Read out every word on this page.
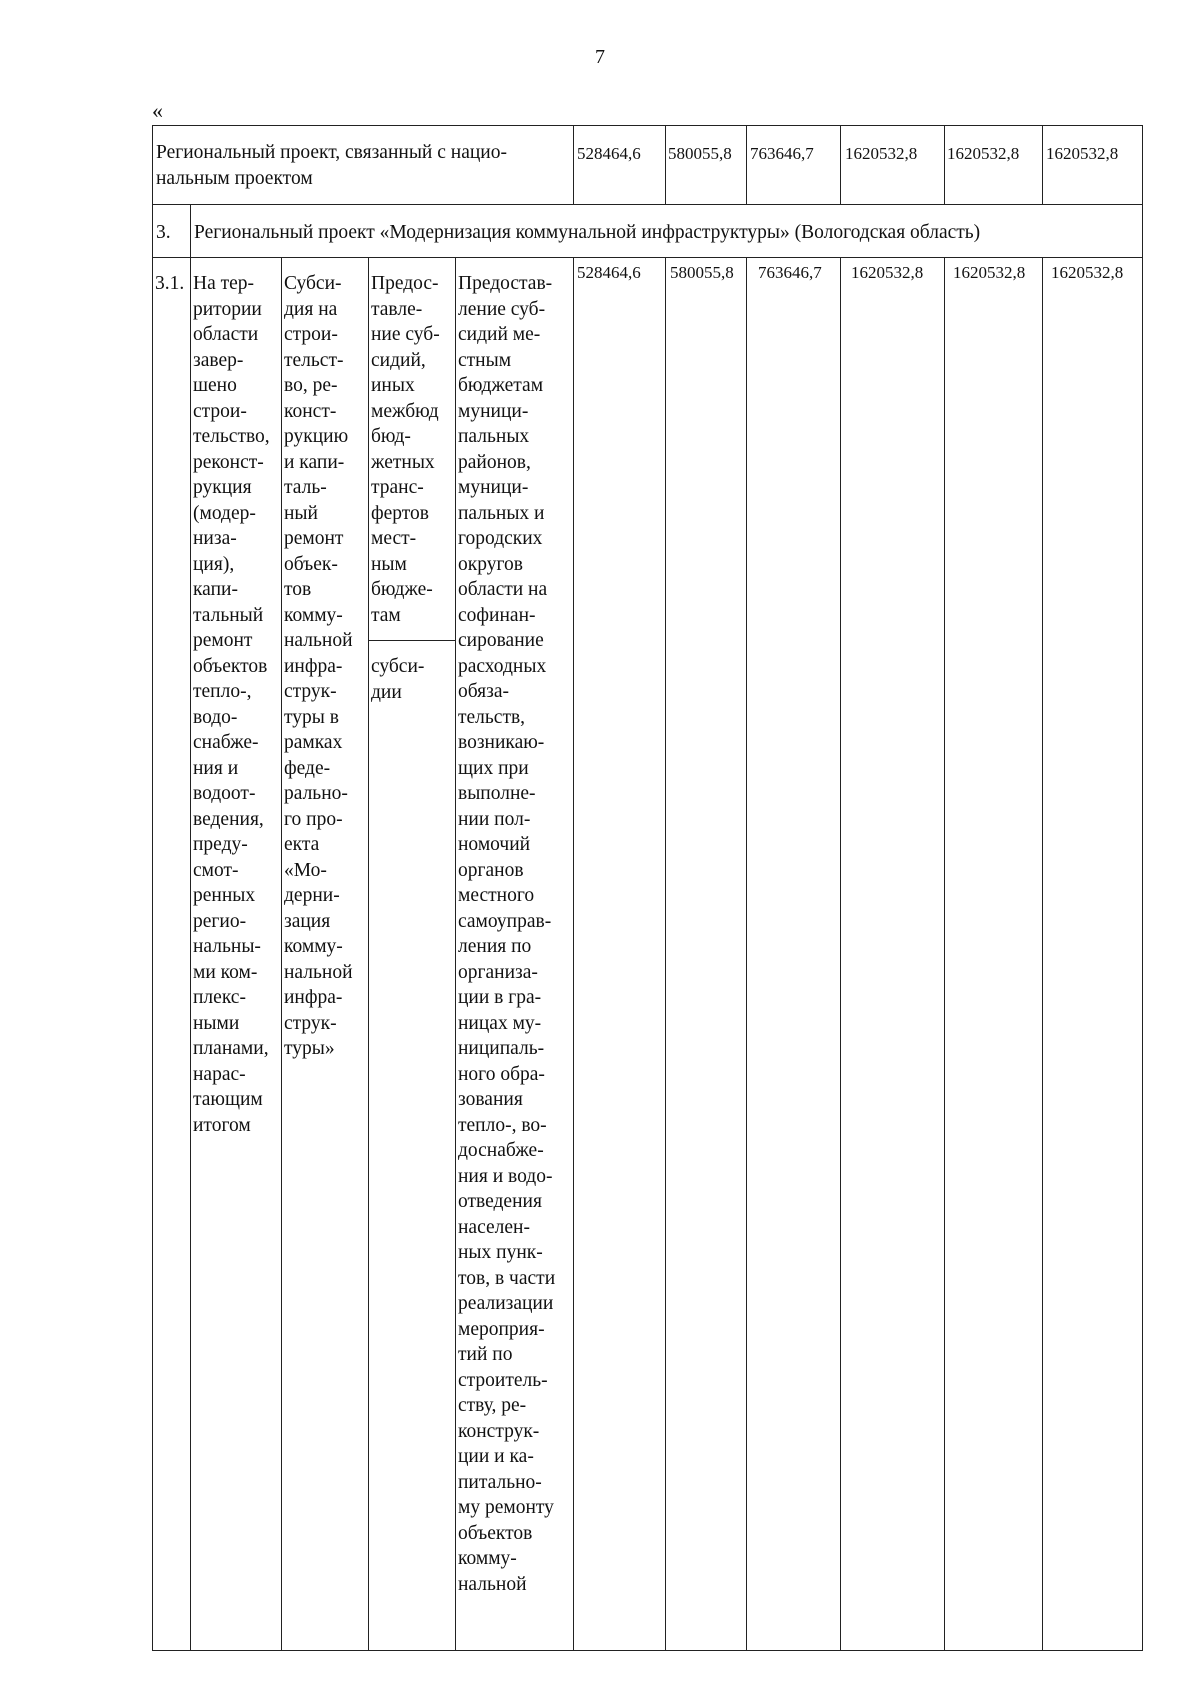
7
«
Региональный проект, связанный с нацио-
нальным проектом
528464,6 580055,8 763646,7 1620532,8 1620532,8 1620532,8
3. Региональный проект «Модернизация коммунальной инфраструктуры» (Вологодская область)
3.1. На тер-
ритории
области
завер-
шено
строи-
тельство,
реконст-
рукция
(модер-
низа-
ция),
капи-
тальный
ремонт
объектов
тепло-,
водо-
снабже-
ния и
водоот-
ведения,
преду-
смот-
ренных
регио-
нальны-
ми ком-
плекс-
ными
планами,
нарас-
тающим
итогом
Субси-
дия на
строи-
тельст-
во, ре-
конст-
рукцию
и капи-
таль-
ный
ремонт
объек-
тов
комму-
нальной
инфра-
струк-
туры в
рамках
феде-
рально-
го про-
екта
«Мо-
дерни-
зация
комму-
нальной
инфра-
струк-
туры»
Предос-
тавле-
ние суб-
сидий,
иных
межбюд
бюд-
жетных
транс-
фертов
мест-
ным
бюдже-
там
субси-
дии
Предостав-
ление суб-
сидий ме-
стным
бюджетам
муници-
пальных
районов,
муници-
пальных и
городских
округов
области на
софинан-
сирование
расходных
обяза-
тельств,
возникаю-
щих при
выполне-
нии пол-
номочий
органов
местного
самоуправ-
ления по
организа-
ции в гра-
ницах му-
ниципаль-
ного обра-
зования
тепло-, во-
доснабже-
ния и водо-
отведения
населен-
ных пунк-
тов, в части
реализации
мероприя-
тий по
строитель-
ству, ре-
конструк-
ции и ка-
питально-
му ремонту
объектов
комму-
нальной
528464,6 580055,8 763646,7 1620532,8 1620532,8 1620532,8
